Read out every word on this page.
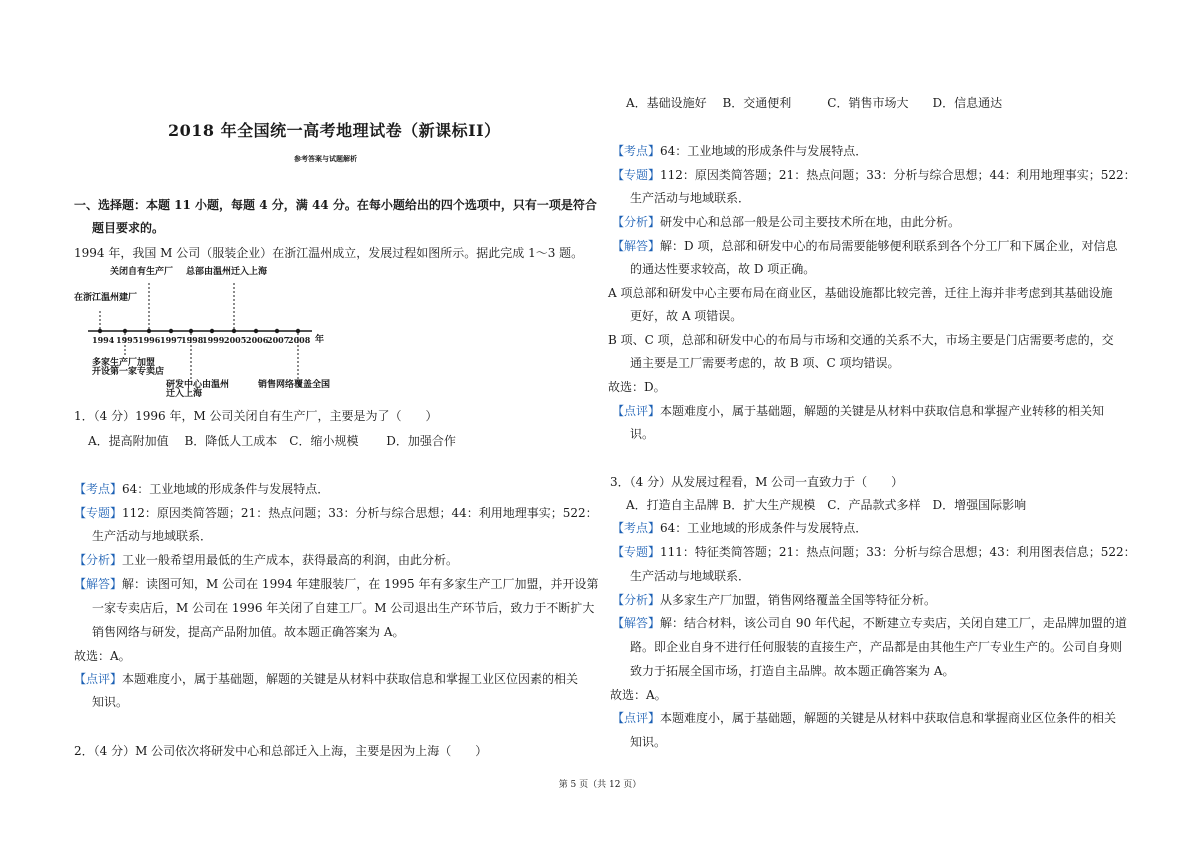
2018 年全国统一高考地理试卷（新课标II）
参考答案与试题解析
一、选择题：本题 11 小题，每题 4 分，满 44 分。在每小题给出的四个选项中，只有一项是符合
题目要求的。
1994 年，我国 M 公司（服装企业）在浙江温州成立，发展过程如图所示。据此完成 1～3 题。
关闭自有生产厂 总部由温州迁入上海
在浙江温州建厂
1994 1995 1996 1997
1998
1999 2005 2006
2007
2008 年
多家生产厂加盟
开设第一家专卖店
研发中心由温州
迁入上海
销售网络覆盖全国
1．（4 分）1996 年，M 公司关闭自有生产厂，主要是为了（　　）
A．提高附加值　 B．降低人工成本　C．缩小规模　　 D．加强合作
【考点】64：工业地域的形成条件与发展特点．
【专题】112：原因类简答题；21：热点问题；33：分析与综合思想；44：利用地理事实；522：
生产活动与地域联系．
【分析】工业一般希望用最低的生产成本，获得最高的利润，由此分析。
【解答】解：读图可知，M 公司在 1994 年建服装厂，在 1995 年有多家生产工厂加盟，并开设第
一家专卖店后，M 公司在 1996 年关闭了自建工厂。M 公司退出生产环节后，致力于不断扩大
销售网络与研发，提高产品附加值。故本题正确答案为 A。
故选：A。
【点评】本题难度小，属于基础题，解题的关键是从材料中获取信息和掌握工业区位因素的相关
知识。
2．（4 分）M 公司依次将研发中心和总部迁入上海，主要是因为上海（　　）
A．基础设施好　 B．交通便利　　　C．销售市场大　　D．信息通达
【考点】64：工业地域的形成条件与发展特点．
【专题】112：原因类简答题；21：热点问题；33：分析与综合思想；44：利用地理事实；522：
生产活动与地域联系．
【分析】研发中心和总部一般是公司主要技术所在地，由此分析。
【解答】解：D 项，总部和研发中心的布局需要能够便利联系到各个分工厂和下属企业，对信息
的通达性要求较高，故 D 项正确。
A 项总部和研发中心主要布局在商业区，基础设施都比较完善，迁往上海并非考虑到其基础设施
更好，故 A 项错误。
B 项、C 项，总部和研发中心的布局与市场和交通的关系不大，市场主要是门店需要考虑的，交
通主要是工厂需要考虑的，故 B 项、C 项均错误。
故选：D。
【点评】本题难度小，属于基础题，解题的关键是从材料中获取信息和掌握产业转移的相关知
识。
3．（4 分）从发展过程看，M 公司一直致力于（　　）
A．打造自主品牌 B．扩大生产规模　C．产品款式多样　D．增强国际影响
【考点】64：工业地域的形成条件与发展特点．
【专题】111：特征类简答题；21：热点问题；33：分析与综合思想；43：利用图表信息；522：
生产活动与地域联系．
【分析】从多家生产厂加盟，销售网络覆盖全国等特征分析。
【解答】解：结合材料，该公司自 90 年代起，不断建立专卖店，关闭自建工厂，走品牌加盟的道
路。即企业自身不进行任何服装的直接生产，产品都是由其他生产厂专业生产的。公司自身则
致力于拓展全国市场，打造自主品牌。故本题正确答案为 A。
故选：A。
【点评】本题难度小，属于基础题，解题的关键是从材料中获取信息和掌握商业区位条件的相关
知识。
第 5 页（共 12 页）
